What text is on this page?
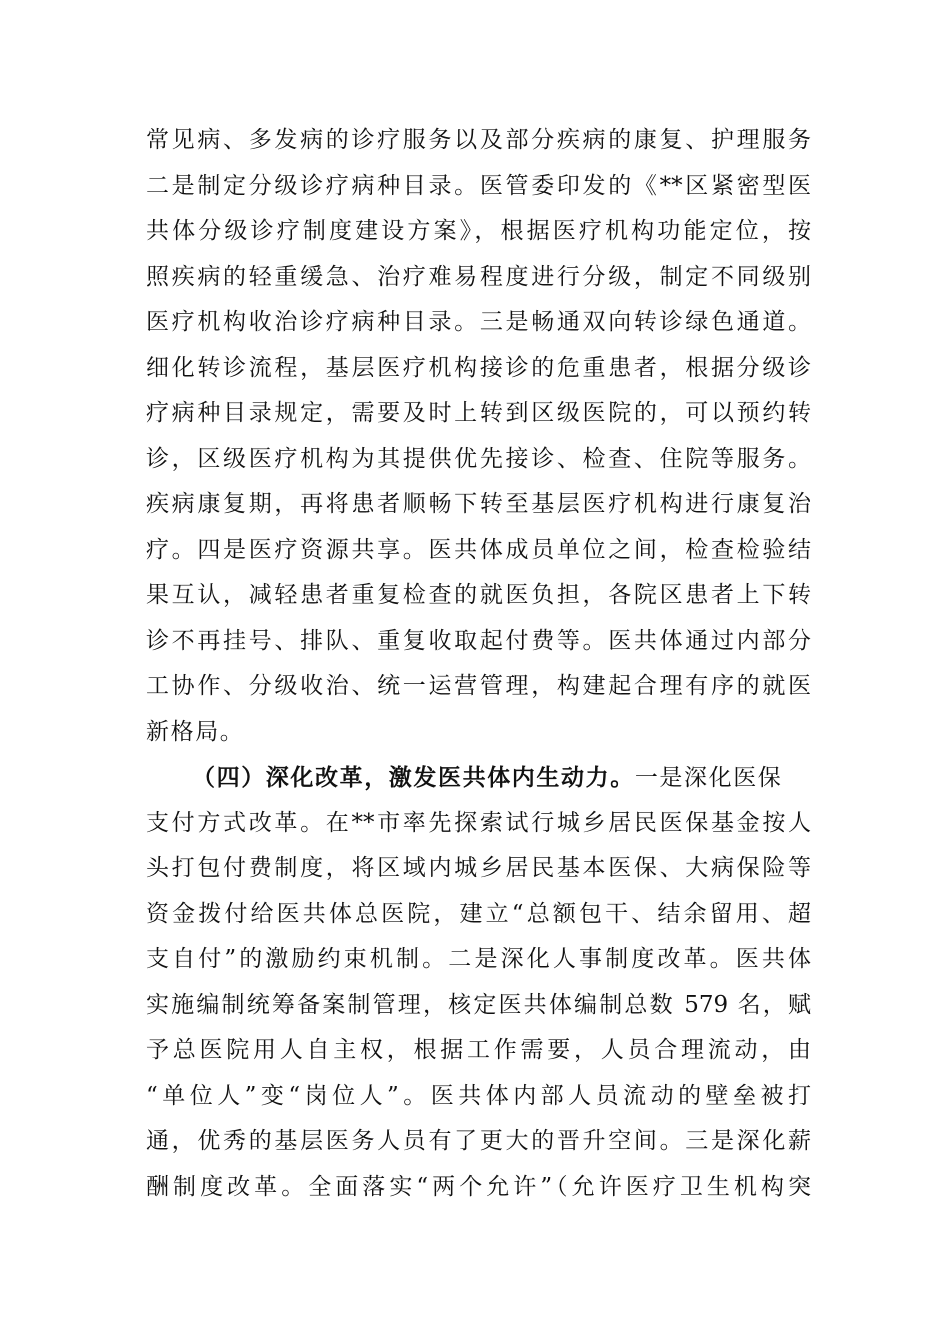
常见病、多发病的诊疗服务以及部分疾病的康复、护理服务
二是制定分级诊疗病种目录。医管委印发的《**区紧密型医
共体分级诊疗制度建设方案》，根据医疗机构功能定位，按
照疾病的轻重缓急、治疗难易程度进行分级，制定不同级别
医疗机构收治诊疗病种目录。三是畅通双向转诊绿色通道。
细化转诊流程，基层医疗机构接诊的危重患者，根据分级诊
疗病种目录规定，需要及时上转到区级医院的，可以预约转
诊，区级医疗机构为其提供优先接诊、检查、住院等服务。
疾病康复期，再将患者顺畅下转至基层医疗机构进行康复治
疗。四是医疗资源共享。医共体成员单位之间，检查检验结
果互认，减轻患者重复检查的就医负担，各院区患者上下转
诊不再挂号、排队、重复收取起付费等。医共体通过内部分
工协作、分级收治、统一运营管理，构建起合理有序的就医
新格局。
（四）深化改革，激发医共体内生动力。一是深化医保
支付方式改革。在**市率先探索试行城乡居民医保基金按人
头打包付费制度，将区域内城乡居民基本医保、大病保险等
资金拨付给医共体总医院，建立“总额包干、结余留用、超
支自付”的激励约束机制。二是深化人事制度改革。医共体
实施编制统筹备案制管理，核定医共体编制总数 579 名，赋
予总医院用人自主权，根据工作需要，人员合理流动，由
“单位人”变“岗位人”。医共体内部人员流动的壁垒被打
通，优秀的基层医务人员有了更大的晋升空间。三是深化薪
酬制度改革。全面落实“两个允许”（允许医疗卫生机构突
